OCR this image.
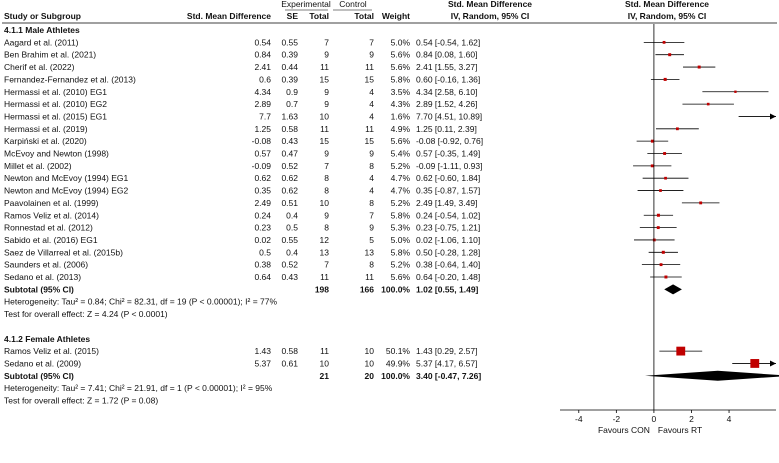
Experimental Control	Std. Mean Difference	Std. Mean Difference
Study or Subgroup	Std. Mean Difference SE Total	Total Weight	IV, Random, 95% CI	IV, Random, 95% CI
4.1.1 Male Athletes
Aagard et al. (2011)	0.54 0.55	7	7 5.0% 0.54 [-0.54, 1.62]
Ben Brahim et al. (2021)	0.84 0.39	9	9 5.6% 0.84 [0.08, 1.60]
Cherif et al. (2022)	2.41 0.44	11	11 5.6% 2.41 [1.55, 3.27]
Fernandez-Fernandez et al. (2013)	0.6 0.39	15	15 5.8% 0.60 [-0.16, 1.36]
Hermassi et al. (2010) EG1	4.34 0.9	9	4 3.5% 4.34 [2.58, 6.10]
Hermassi et al. (2010) EG2	2.89 0.7	9	4 4.3% 2.89 [1.52, 4.26]
Hermassi et al. (2015) EG1	7.7 1.63	10	4 1.6% 7.70 [4.51, 10.89]
Hermassi et al. (2019)	1.25 0.58	11	11 4.9% 1.25 [0.11, 2.39]
Karpiński et al. (2020)	-0.08 0.43	15	15 5.6% -0.08 [-0.92, 0.76]
McEvoy and Newton (1998)	0.57 0.47	9	9 5.4% 0.57 [-0.35, 1.49]
Millet et al. (2002)	-0.09 0.52	7	8 5.2% -0.09 [-1.11, 0.93]
Newton and McEvoy (1994) EG1	0.62 0.62	8	4 4.7% 0.62 [-0.60, 1.84]
Newton and McEvoy (1994) EG2	0.35 0.62	8	4 4.7% 0.35 [-0.87, 1.57]
Paavolainen et al. (1999)	2.49 0.51	10	8 5.2% 2.49 [1.49, 3.49]
Ramos Veliz et al. (2014)	0.24 0.4	9	7 5.8% 0.24 [-0.54, 1.02]
Ronnestad et al. (2012)	0.23 0.5	8	9 5.3% 0.23 [-0.75, 1.21]
Sabido et al. (2016) EG1	0.02 0.55	12	5 5.0% 0.02 [-1.06, 1.10]
Saez de Villarreal et al. (2015b)	0.5 0.4	13	13 5.8% 0.50 [-0.28, 1.28]
Saunders et al. (2006)	0.38 0.52	7	8 5.2% 0.38 [-0.64, 1.40]
Sedano et al. (2013)	0.64 0.43	11	11 5.6% 0.64 [-0.20, 1.48]
Subtotal (95% CI)	198	166 100.0% 1.02 [0.55, 1.49]
Heterogeneity: Tau² = 0.84; Chi² = 82.31, df = 19 (P < 0.00001); I² = 77%
Test for overall effect: Z = 4.24 (P < 0.0001)
4.1.2 Female Athletes
Ramos Veliz et al. (2015)	1.43 0.58	11	10 50.1% 1.43 [0.29, 2.57]
Sedano et al. (2009)	5.37 0.61	10	10 49.9% 5.37 [4.17, 6.57]
Subtotal (95% CI)	21	20 100.0% 3.40 [-0.47, 7.26]
Heterogeneity: Tau² = 7.41; Chi² = 21.91, df = 1 (P < 0.00001); I² = 95%
Test for overall effect: Z = 1.72 (P = 0.08)
-4	-2	0	2	4
Favours CON Favours RT
